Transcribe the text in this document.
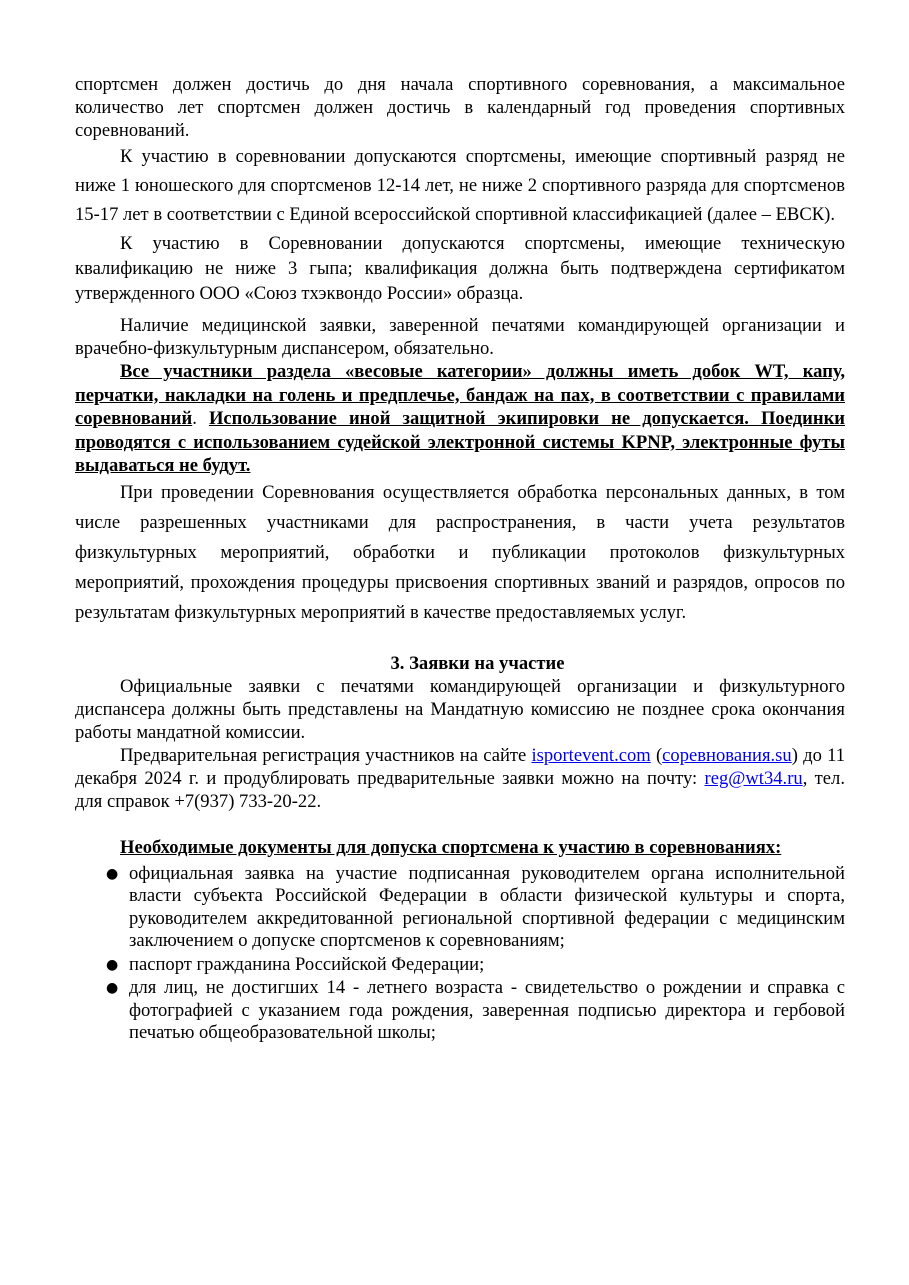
спортсмен должен достичь до дня начала спортивного соревнования, а максимальное количество лет спортсмен должен достичь в календарный год проведения спортивных соревнований.

К участию в соревновании допускаются спортсмены, имеющие спортивный разряд не ниже 1 юношеского для спортсменов 12-14 лет, не ниже 2 спортивного разряда для спортсменов 15-17 лет в соответствии с Единой всероссийской спортивной классификацией (далее – ЕВСК).

К участию в Соревновании допускаются спортсмены, имеющие техническую квалификацию не ниже 3 гыпа; квалификация должна быть подтверждена сертификатом утвержденного ООО «Союз тхэквондо России» образца.

Наличие медицинской заявки, заверенной печатями командирующей организации и врачебно-физкультурным диспансером, обязательно.

Все участники раздела «весовые категории» должны иметь добок WT, капу, перчатки, накладки на голень и предплечье, бандаж на пах, в соответствии с правилами соревнований. Использование иной защитной экипировки не допускается. Поединки проводятся с использованием судейской электронной системы KPNP, электронные футы выдаваться не будут.

При проведении Соревнования осуществляется обработка персональных данных, в том числе разрешенных участниками для распространения, в части учета результатов физкультурных мероприятий, обработки и публикации протоколов физкультурных мероприятий, прохождения процедуры присвоения спортивных званий и разрядов, опросов по результатам физкультурных мероприятий в качестве предоставляемых услуг.

3. Заявки на участие

Официальные заявки с печатями командирующей организации и физкультурного диспансера должны быть представлены на Мандатную комиссию не позднее срока окончания работы мандатной комиссии.

Предварительная регистрация участников на сайте isportevent.com (соревнования.su) до 11 декабря 2024 г. и продублировать предварительные заявки можно на почту: reg@wt34.ru, тел. для справок +7(937) 733-20-22.

Необходимые документы для допуска спортсмена к участию в соревнованиях:
● официальная заявка на участие подписанная руководителем органа исполнительной власти субъекта Российской Федерации в области физической культуры и спорта, руководителем аккредитованной региональной спортивной федерации с медицинским заключением о допуске спортсменов к соревнованиям;
● паспорт гражданина Российской Федерации;
● для лиц, не достигших 14 - летнего возраста - свидетельство о рождении и справка с фотографией с указанием года рождения, заверенная подписью директора и гербовой печатью общеобразовательной школы;
